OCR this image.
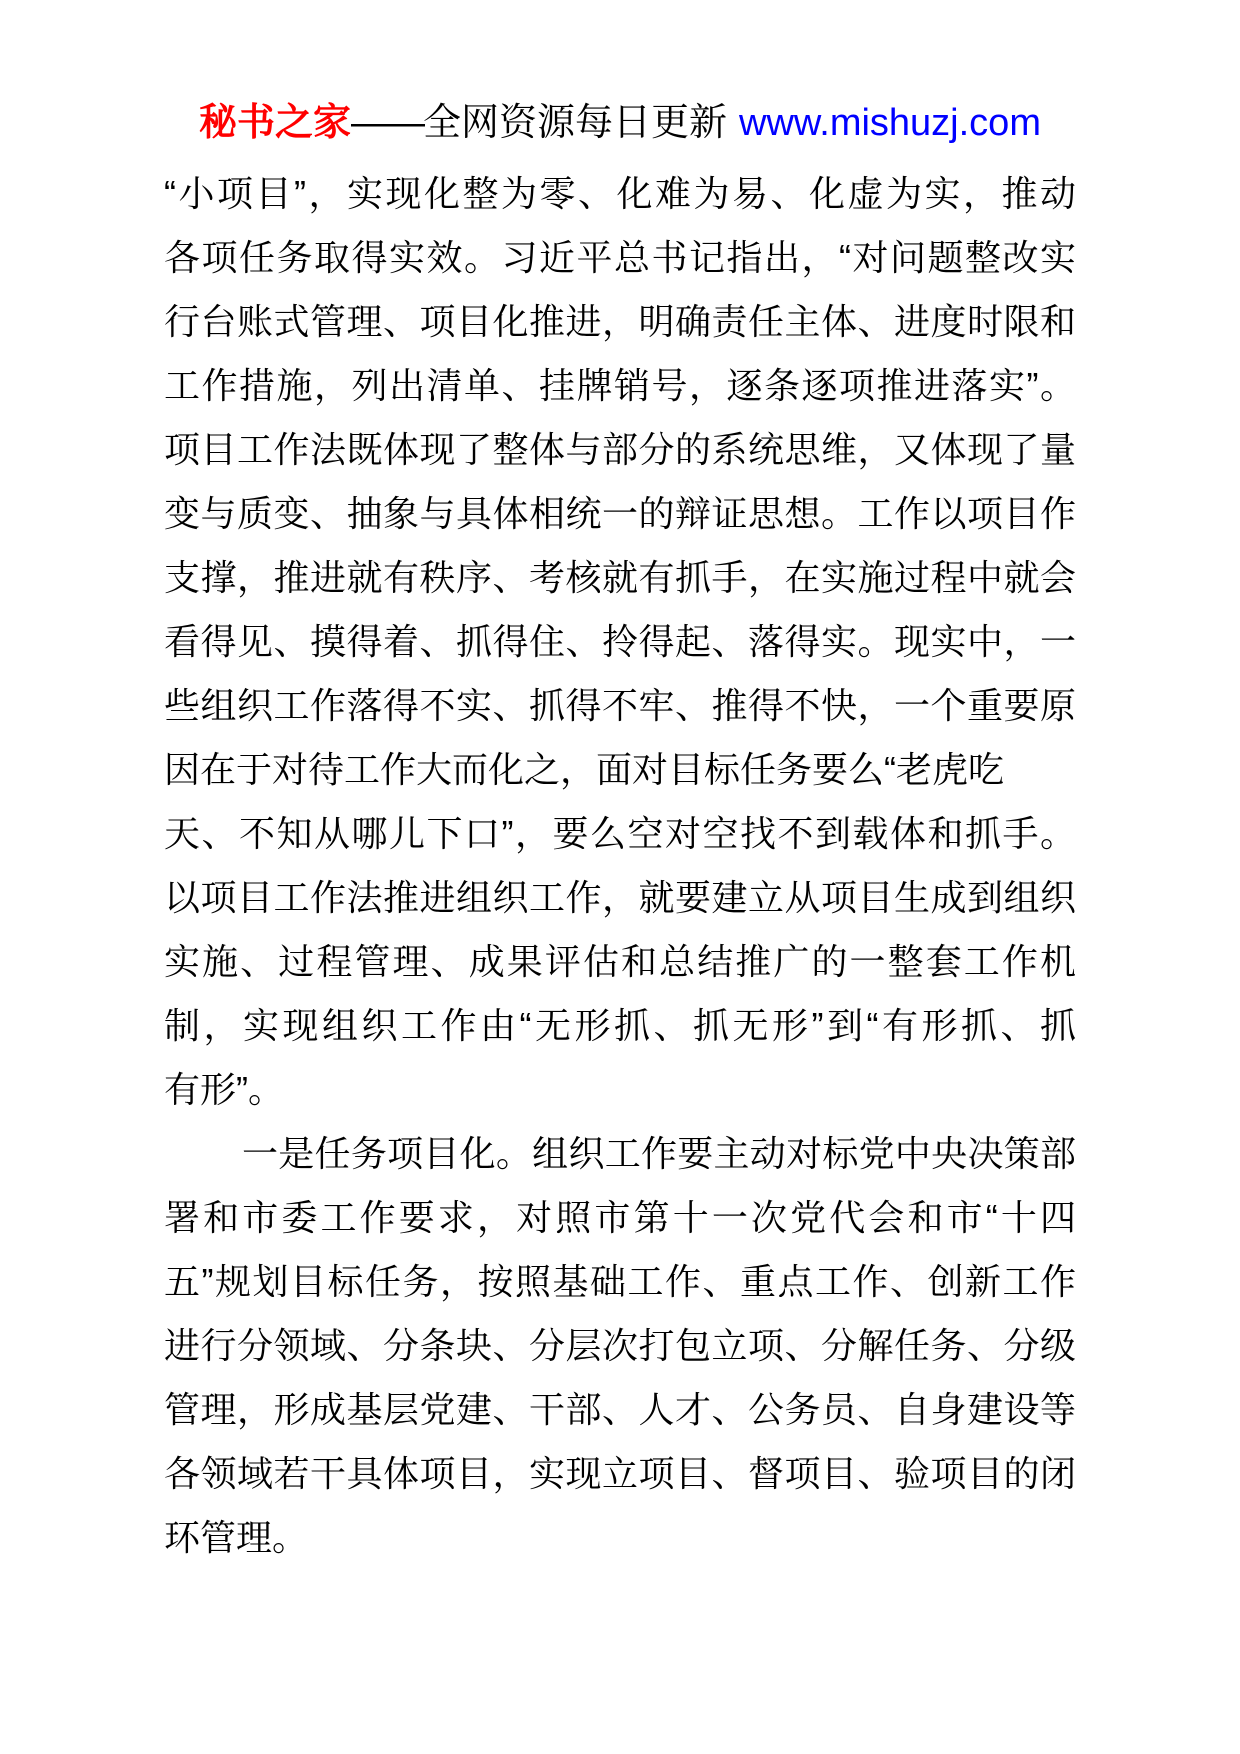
秘书之家——全网资源每日更新 www.mishuzj.com
“小项目”，实现化整为零、化难为易、化虚为实，推动
各项任务取得实效。习近平总书记指出，“对问题整改实
行台账式管理、项目化推进，明确责任主体、进度时限和
工作措施，列出清单、挂牌销号，逐条逐项推进落实”。
项目工作法既体现了整体与部分的系统思维，又体现了量
变与质变、抽象与具体相统一的辩证思想。工作以项目作
支撑，推进就有秩序、考核就有抓手，在实施过程中就会
看得见、摸得着、抓得住、拎得起、落得实。现实中，一
些组织工作落得不实、抓得不牢、推得不快，一个重要原
因在于对待工作大而化之，面对目标任务要么“老虎吃
天、不知从哪儿下口”，要么空对空找不到载体和抓手。
以项目工作法推进组织工作，就要建立从项目生成到组织
实施、过程管理、成果评估和总结推广的一整套工作机
制，实现组织工作由“无形抓、抓无形”到“有形抓、抓
有形”。
一是任务项目化。组织工作要主动对标党中央决策部
署和市委工作要求，对照市第十一次党代会和市“十四
五”规划目标任务，按照基础工作、重点工作、创新工作
进行分领域、分条块、分层次打包立项、分解任务、分级
管理，形成基层党建、干部、人才、公务员、自身建设等
各领域若干具体项目，实现立项目、督项目、验项目的闭
环管理。
